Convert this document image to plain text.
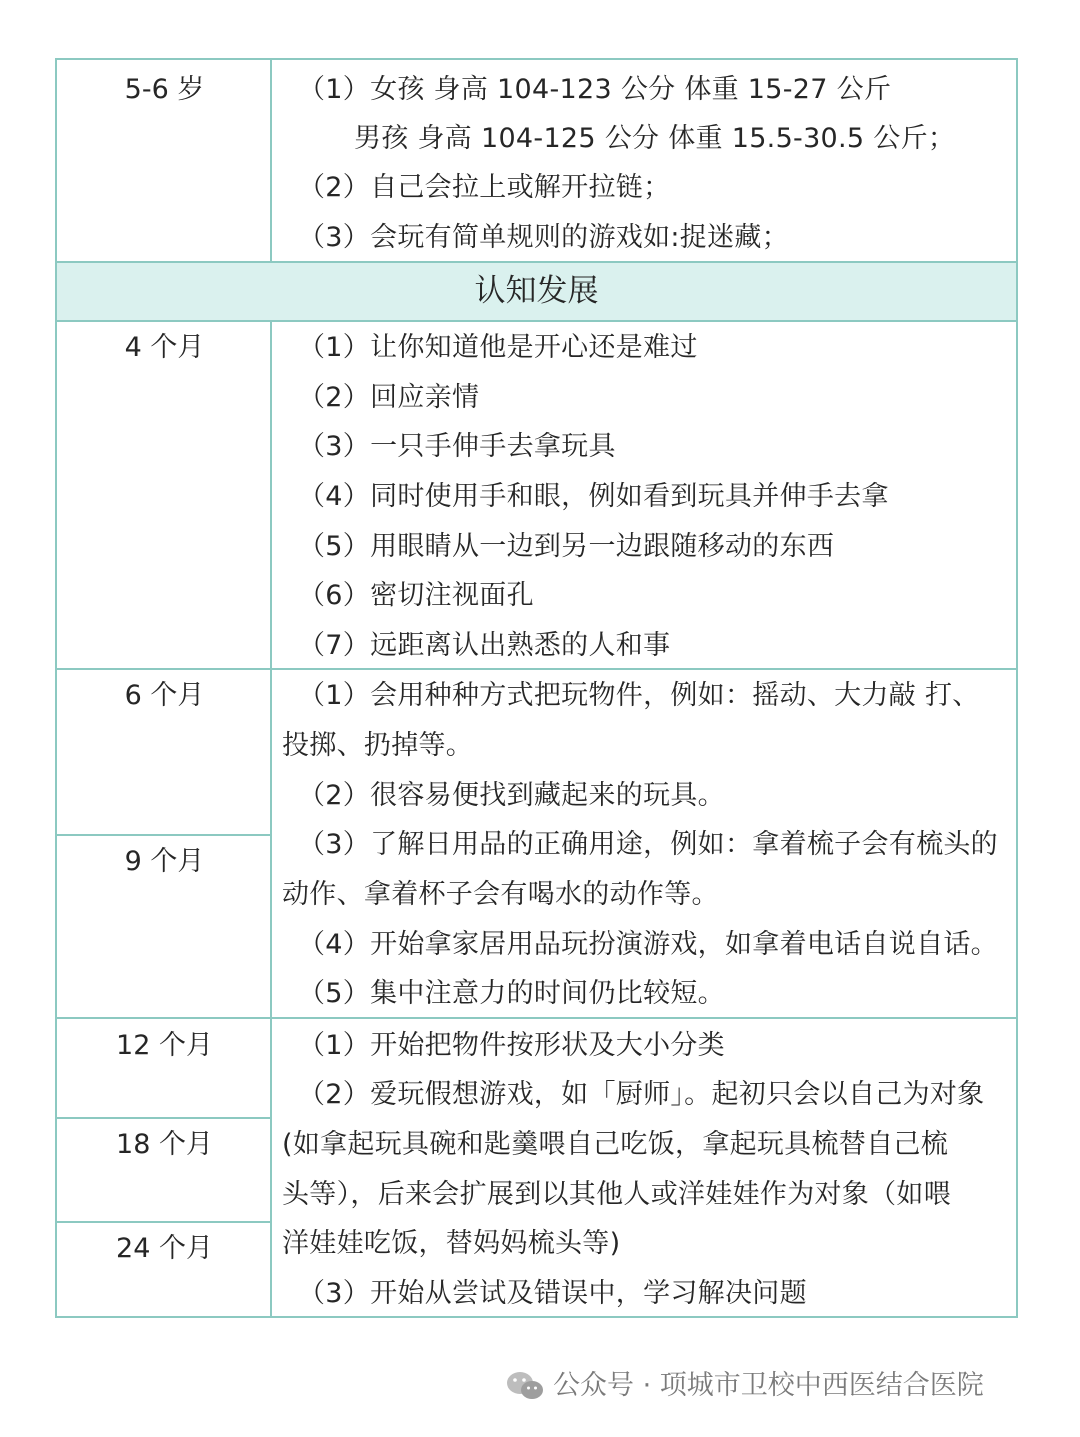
5-6 岁	（1）女孩 身高 104-123 公分 体重 15-27 公斤
男孩 身高 104-125 公分 体重 15.5-30.5 公斤；
（2）自己会拉上或解开拉链；
（3）会玩有简单规则的游戏如:捉迷藏；
认知发展
4 个月	（1）让你知道他是开心还是难过
（2）回应亲情
（3）一只手伸手去拿玩具
（4）同时使用手和眼，例如看到玩具并伸手去拿
（5）用眼睛从一边到另一边跟随移动的东西
（6）密切注视面孔
（7）远距离认出熟悉的人和事
6 个月
9 个月
（1）会用种种方式把玩物件，例如：摇动、大力敲 打、
投掷、扔掉等。
（2）很容易便找到藏起来的玩具。
（3）了解日用品的正确用途，例如：拿着梳子会有梳头的
动作、拿着杯子会有喝水的动作等。
（4）开始拿家居用品玩扮演游戏，如拿着电话自说自话。
（5）集中注意力的时间仍比较短。
12 个月
18 个月
24 个月
（1）开始把物件按形状及大小分类
（2）爱玩假想游戏，如「厨师」。起初只会以自己为对象
(如拿起玩具碗和匙羹喂自己吃饭，拿起玩具梳替自己梳
头等），后来会扩展到以其他人或洋娃娃作为对象（如喂
洋娃娃吃饭，替妈妈梳头等)
（3）开始从尝试及错误中，学习解决问题
公众号 · 项城市卫校中西医结合医院
